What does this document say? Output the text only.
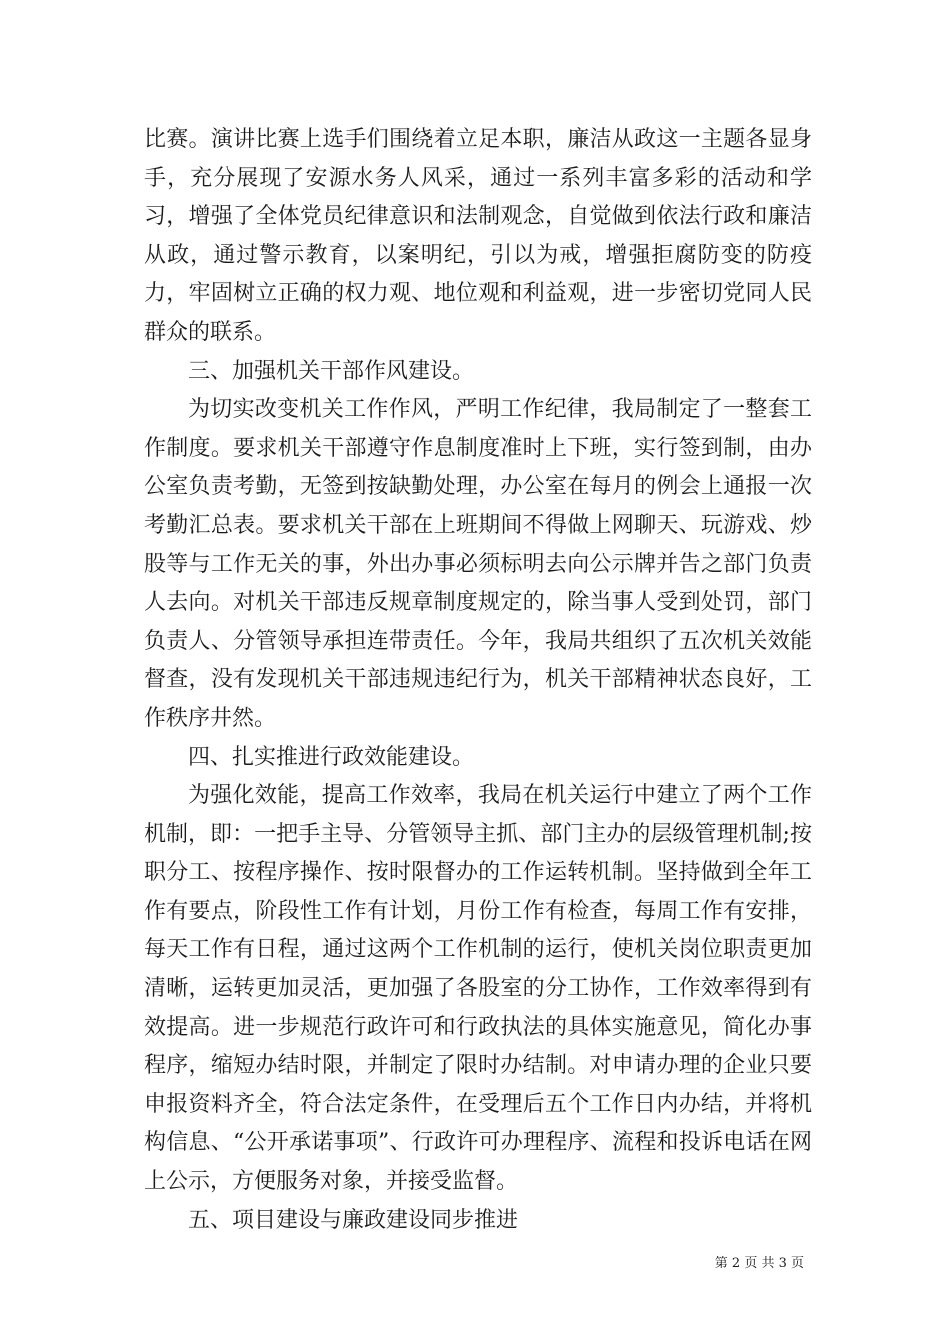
比赛。演讲比赛上选手们围绕着立足本职，廉洁从政这一主题各显身手，充分展现了安源水务人风采，通过一系列丰富多彩的活动和学习，增强了全体党员纪律意识和法制观念，自觉做到依法行政和廉洁从政，通过警示教育，以案明纪，引以为戒，增强拒腐防变的防疫力，牢固树立正确的权力观、地位观和利益观，进一步密切党同人民群众的联系。

三、加强机关干部作风建设。

为切实改变机关工作作风，严明工作纪律，我局制定了一整套工作制度。要求机关干部遵守作息制度准时上下班，实行签到制，由办公室负责考勤，无签到按缺勤处理，办公室在每月的例会上通报一次考勤汇总表。要求机关干部在上班期间不得做上网聊天、玩游戏、炒股等与工作无关的事，外出办事必须标明去向公示牌并告之部门负责人去向。对机关干部违反规章制度规定的，除当事人受到处罚，部门负责人、分管领导承担连带责任。今年，我局共组织了五次机关效能督查，没有发现机关干部违规违纪行为，机关干部精神状态良好，工作秩序井然。

四、扎实推进行政效能建设。

为强化效能，提高工作效率，我局在机关运行中建立了两个工作机制，即：一把手主导、分管领导主抓、部门主办的层级管理机制;按职分工、按程序操作、按时限督办的工作运转机制。坚持做到全年工作有要点，阶段性工作有计划，月份工作有检查，每周工作有安排，每天工作有日程，通过这两个工作机制的运行，使机关岗位职责更加清晰，运转更加灵活，更加强了各股室的分工协作，工作效率得到有效提高。进一步规范行政许可和行政执法的具体实施意见，简化办事程序，缩短办结时限，并制定了限时办结制。对申请办理的企业只要申报资料齐全，符合法定条件，在受理后五个工作日内办结，并将机构信息、“公开承诺事项”、行政许可办理程序、流程和投诉电话在网上公示，方便服务对象，并接受监督。

五、项目建设与廉政建设同步推进

第 2 页 共 3 页
